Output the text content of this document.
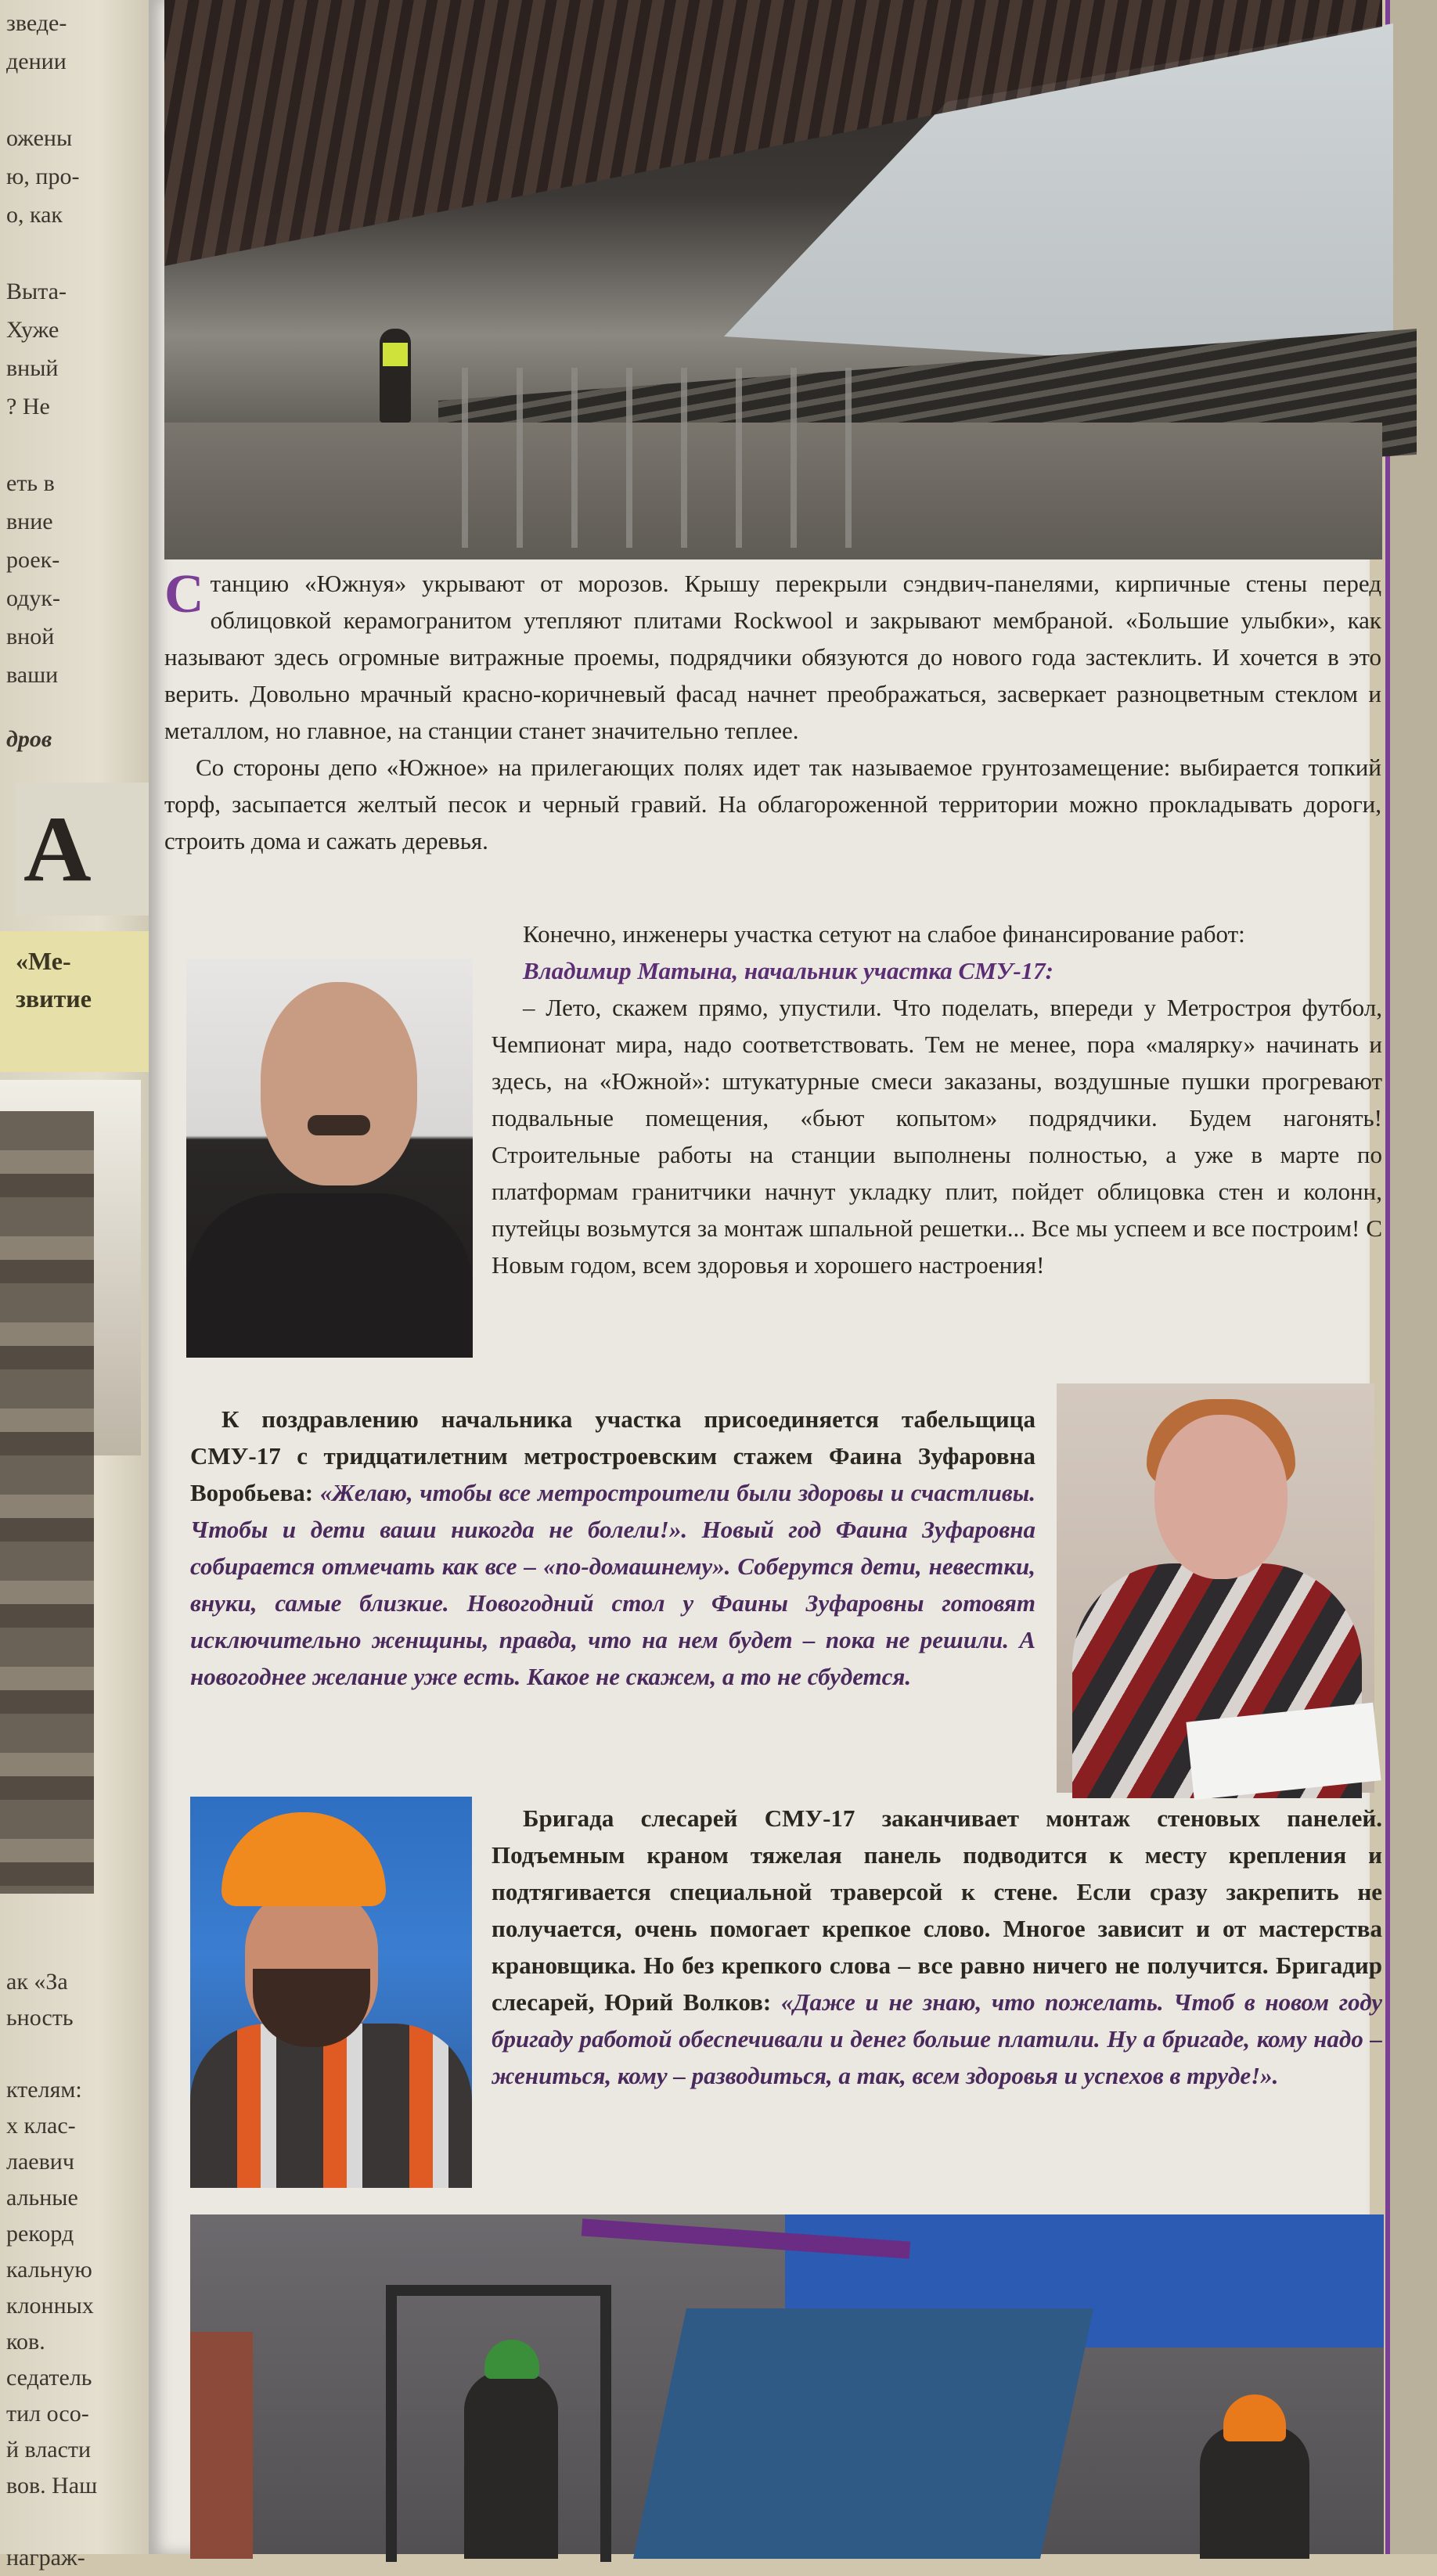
зведе-
дении

ожены
ю, про-
о, как

Выта-
Хуже
вный
? Не

еть в
вние
роек-
одук-
вной
ваши
дров
А
«Ме-
звитие
ак «За
ьность

ктелям:
х клас-
лаевич
альные
рекорд
кальную
клонных
ков.
седатель
тил осо-
й власти
вов. Наш

награж-

Станцию «Южнуя» укрывают от морозов. Крышу перекрыли сэндвич-панелями, кирпичные стены перед облицовкой керамогранитом утепляют плитами Rockwool и закрывают мембраной. «Большие улыбки», как называют здесь огромные витражные проемы, подрядчики обязуются до нового года застеклить. И хочется в это верить. Довольно мрачный красно-коричневый фасад начнет преображаться, засверкает разноцветным стеклом и металлом, но главное, на станции станет значительно теплее.

Со стороны депо «Южное» на прилегающих полях идет так называемое грунтозамещение: выбирается топкий торф, засыпается желтый песок и черный гравий. На облагороженной территории можно прокладывать дороги, строить дома и сажать деревья.

Конечно, инженеры участка сетуют на слабое финансирование работ:

Владимир Матына, начальник участка СМУ-17:

– Лето, скажем прямо, упустили. Что поделать, впереди у Метростроя футбол, Чемпионат мира, надо соответствовать. Тем не менее, пора «малярку» начинать и здесь, на «Южной»: штукатурные смеси заказаны, воздушные пушки прогревают подвальные помещения, «бьют копытом» подрядчики. Будем нагонять! Строительные работы на станции выполнены полностью, а уже в марте по платформам гранитчики начнут укладку плит, пойдет облицовка стен и колонн, путейцы возьмутся за монтаж шпальной решетки... Все мы успеем и все построим! С Новым годом, всем здоровья и хорошего настроения!

К поздравлению начальника участка присоединяется табельщица СМУ-17 с тридцатилетним метростроевским стажем Фаина Зуфаровна Воробьева: «Желаю, чтобы все метростроители были здоровы и счастливы. Чтобы и дети ваши никогда не болели!». Новый год Фаина Зуфаровна собирается отмечать как все – «по-домашнему». Соберутся дети, невестки, внуки, самые близкие. Новогодний стол у Фаины Зуфаровны готовят исключительно женщины, правда, что на нем будет – пока не решили. А новогоднее желание уже есть. Какое не скажем, а то не сбудется.

Бригада слесарей СМУ-17 заканчивает монтаж стеновых панелей. Подъемным краном тяжелая панель подводится к месту крепления и подтягивается специальной траверсой к стене. Если сразу закрепить не получается, очень помогает крепкое слово. Многое зависит и от мастерства крановщика. Но без крепкого слова – все равно ничего не получится. Бригадир слесарей, Юрий Волков: «Даже и не знаю, что пожелать. Чтоб в новом году бригаду работой обеспечивали и денег больше платили. Ну а бригаде, кому надо – жениться, кому – разводиться, а так, всем здоровья и успехов в труде!».
